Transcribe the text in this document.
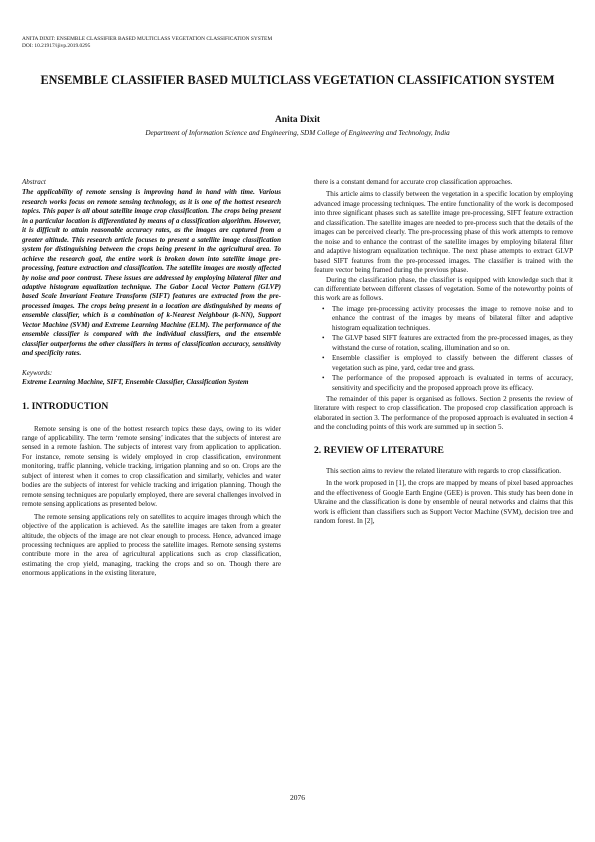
ANITA DIXIT: ENSEMBLE CLASSIFIER BASED MULTICLASS VEGETATION CLASSIFICATION SYSTEM
DOI: 10.21917/ijivp.2019.0295
ENSEMBLE CLASSIFIER BASED MULTICLASS VEGETATION CLASSIFICATION SYSTEM
Anita Dixit
Department of Information Science and Engineering, SDM College of Engineering and Technology, India

Abstract

The applicability of remote sensing is improving hand in hand with time. Various research works focus on remote sensing technology, as it is one of the hottest research topics. This paper is all about satellite image crop classification. The crops being present in a particular location is differentiated by means of a classification algorithm. However, it is difficult to attain reasonable accuracy rates, as the images are captured from a greater altitude. This research article focuses to present a satellite image classification system for distinguishing between the crops being present in the agricultural area. To achieve the research goal, the entire work is broken down into satellite image pre-processing, feature extraction and classification. The satellite images are mostly affected by noise and poor contrast. These issues are addressed by employing bilateral filter and adaptive histogram equalization technique. The Gabor Local Vector Pattern (GLVP) based Scale Invariant Feature Transform (SIFT) features are extracted from the pre-processed images. The crops being present in a location are distinguished by means of ensemble classifier, which is a combination of k-Nearest Neighbour (k-NN), Support Vector Machine (SVM) and Extreme Learning Machine (ELM). The performance of the ensemble classifier is compared with the individual classifiers, and the ensemble classifier outperforms the other classifiers in terms of classification accuracy, sensitivity and specificity rates.

Keywords:

Extreme Learning Machine, SIFT, Ensemble Classifier, Classification System

1. INTRODUCTION

Remote sensing is one of the hottest research topics these days, owing to its wider range of applicability. The term ‘remote sensing’ indicates that the subjects of interest are sensed in a remote fashion. The subjects of interest vary from application to application. For instance, remote sensing is widely employed in crop classification, environment monitoring, traffic planning, vehicle tracking, irrigation planning and so on. Crops are the subject of interest when it comes to crop classification and similarly, vehicles and water bodies are the subjects of interest for vehicle tracking and irrigation planning. Though the remote sensing techniques are popularly employed, there are several challenges involved in remote sensing applications as presented below.

The remote sensing applications rely on satellites to acquire images through which the objective of the application is achieved. As the satellite images are taken from a greater altitude, the objects of the image are not clear enough to process. Hence, advanced image processing techniques are applied to process the satellite images. Remote sensing systems contribute more in the area of agricultural applications such as crop classification, estimating the crop yield, managing, tracking the crops and so on. Though there are enormous applications in the existing literature,

there is a constant demand for accurate crop classification approaches.

This article aims to classify between the vegetation in a specific location by employing advanced image processing techniques. The entire functionality of the work is decomposed into three significant phases such as satellite image pre-processing, SIFT feature extraction and classification. The satellite images are needed to pre-process such that the details of the images can be perceived clearly. The pre-processing phase of this work attempts to remove the noise and to enhance the contrast of the satellite images by employing bilateral filter and adaptive histogram equalization technique. The next phase attempts to extract GLVP based SIFT features from the pre-processed images. The classifier is trained with the feature vector being framed during the previous phase.

During the classification phase, the classifier is equipped with knowledge such that it can differentiate between different classes of vegetation. Some of the noteworthy points of this work are as follows.

• The image pre-processing activity processes the image to remove noise and to enhance the contrast of the images by means of bilateral filter and adaptive histogram equalization techniques.
• The GLVP based SIFT features are extracted from the pre-processed images, as they withstand the curse of rotation, scaling, illumination and so on.
• Ensemble classifier is employed to classify between the different classes of vegetation such as pine, yard, cedar tree and grass.
• The performance of the proposed approach is evaluated in terms of accuracy, sensitivity and specificity and the proposed approach prove its efficacy.

The remainder of this paper is organised as follows. Section 2 presents the review of literature with respect to crop classification. The proposed crop classification approach is elaborated in section 3. The performance of the proposed approach is evaluated in section 4 and the concluding points of this work are summed up in section 5.

2. REVIEW OF LITERATURE

This section aims to review the related literature with regards to crop classification.

In the work proposed in [1], the crops are mapped by means of pixel based approaches and the effectiveness of Google Earth Engine (GEE) is proven. This study has been done in Ukraine and the classification is done by ensemble of neural networks and claims that this work is efficient than classifiers such as Support Vector Machine (SVM), decision tree and random forest. In [2],

2076
